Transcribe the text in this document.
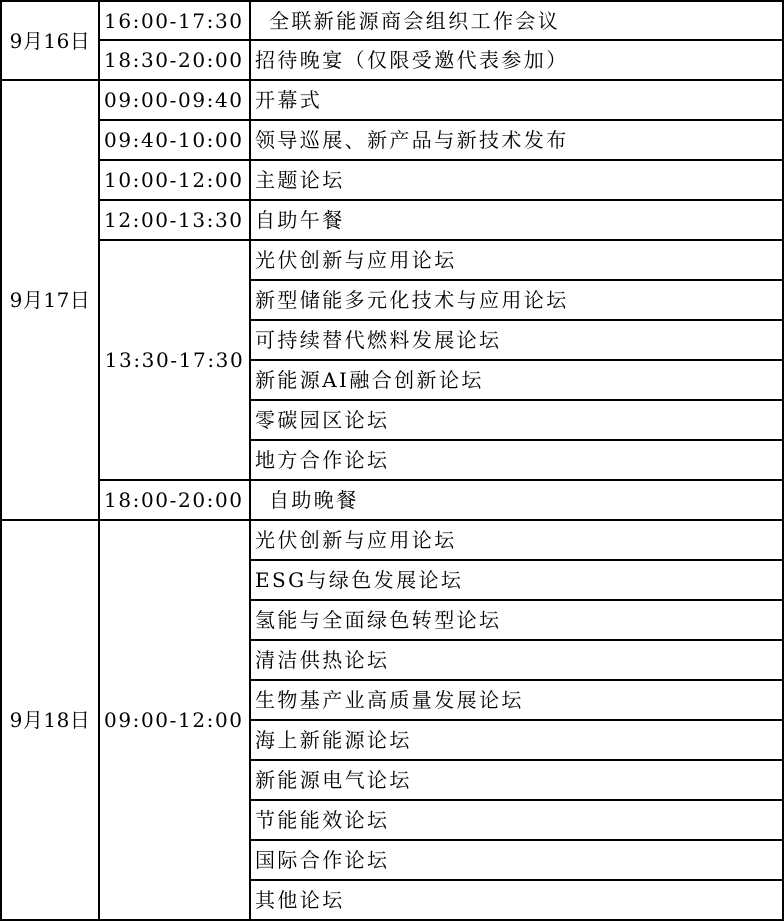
9月16日	16:00-17:30	全联新能源商会组织工作会议
	18:30-20:00	招待晚宴（仅限受邀代表参加）
9月17日	09:00-09:40	开幕式
	09:40-10:00	领导巡展、新产品与新技术发布
	10:00-12:00	主题论坛
	12:00-13:30	自助午餐
	13:30-17:30	光伏创新与应用论坛
		新型储能多元化技术与应用论坛
		可持续替代燃料发展论坛
		新能源AI融合创新论坛
		零碳园区论坛
		地方合作论坛
	18:00-20:00	自助晚餐
9月18日	09:00-12:00	光伏创新与应用论坛
		ESG与绿色发展论坛
		氢能与全面绿色转型论坛
		清洁供热论坛
		生物基产业高质量发展论坛
		海上新能源论坛
		新能源电气论坛
		节能能效论坛
		国际合作论坛
		其他论坛
